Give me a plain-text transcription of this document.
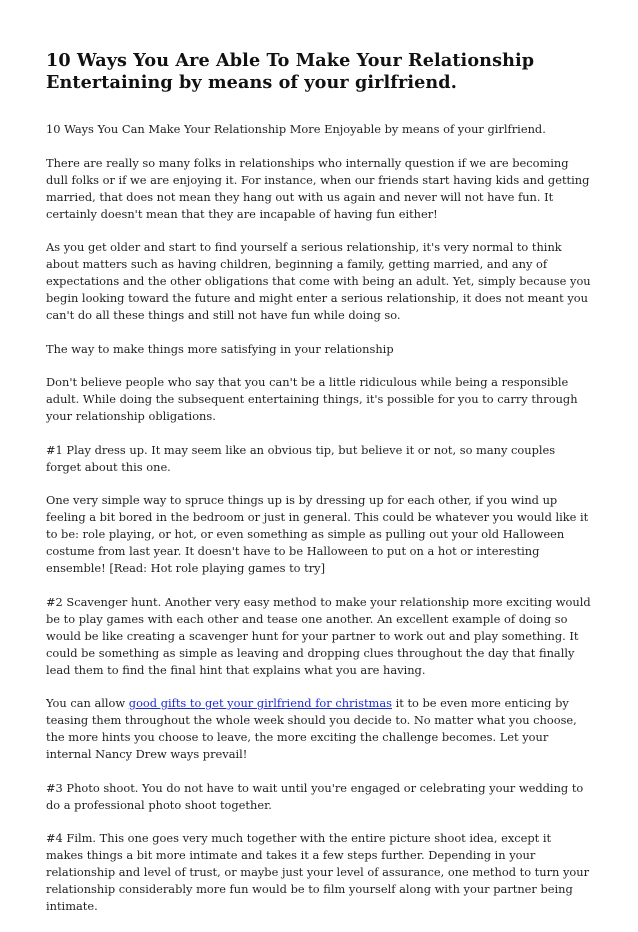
10 Ways You Are Able To Make Your Relationship Entertaining by means of your girlfriend.

10 Ways You Can Make Your Relationship More Enjoyable by means of your girlfriend.

There are really so many folks in relationships who internally question if we are becoming dull folks or if we are enjoying it. For instance, when our friends start having kids and getting married, that does not mean they hang out with us again and never will not have fun. It certainly doesn't mean that they are incapable of having fun either!

As you get older and start to find yourself a serious relationship, it's very normal to think about matters such as having children, beginning a family, getting married, and any of expectations and the other obligations that come with being an adult. Yet, simply because you begin looking toward the future and might enter a serious relationship, it does not meant you can't do all these things and still not have fun while doing so.

The way to make things more satisfying in your relationship

Don't believe people who say that you can't be a little ridiculous while being a responsible adult. While doing the subsequent entertaining things, it's possible for you to carry through your relationship obligations.

#1 Play dress up. It may seem like an obvious tip, but believe it or not, so many couples forget about this one.

One very simple way to spruce things up is by dressing up for each other, if you wind up feeling a bit bored in the bedroom or just in general. This could be whatever you would like it to be: role playing, or hot, or even something as simple as pulling out your old Halloween costume from last year. It doesn't have to be Halloween to put on a hot or interesting ensemble! [Read: Hot role playing games to try]

#2 Scavenger hunt. Another very easy method to make your relationship more exciting would be to play games with each other and tease one another. An excellent example of doing so would be like creating a scavenger hunt for your partner to work out and play something. It could be something as simple as leaving and dropping clues throughout the day that finally lead them to find the final hint that explains what you are having.

You can allow good gifts to get your girlfriend for christmas it to be even more enticing by teasing them throughout the whole week should you decide to. No matter what you choose, the more hints you choose to leave, the more exciting the challenge becomes. Let your internal Nancy Drew ways prevail!

#3 Photo shoot. You do not have to wait until you're engaged or celebrating your wedding to do a professional photo shoot together.

#4 Film. This one goes very much together with the entire picture shoot idea, except it makes things a bit more intimate and takes it a few steps further. Depending in your relationship and level of trust, or maybe just your level of assurance, one method to turn your relationship considerably more fun would be to film yourself along with your partner being intimate.
